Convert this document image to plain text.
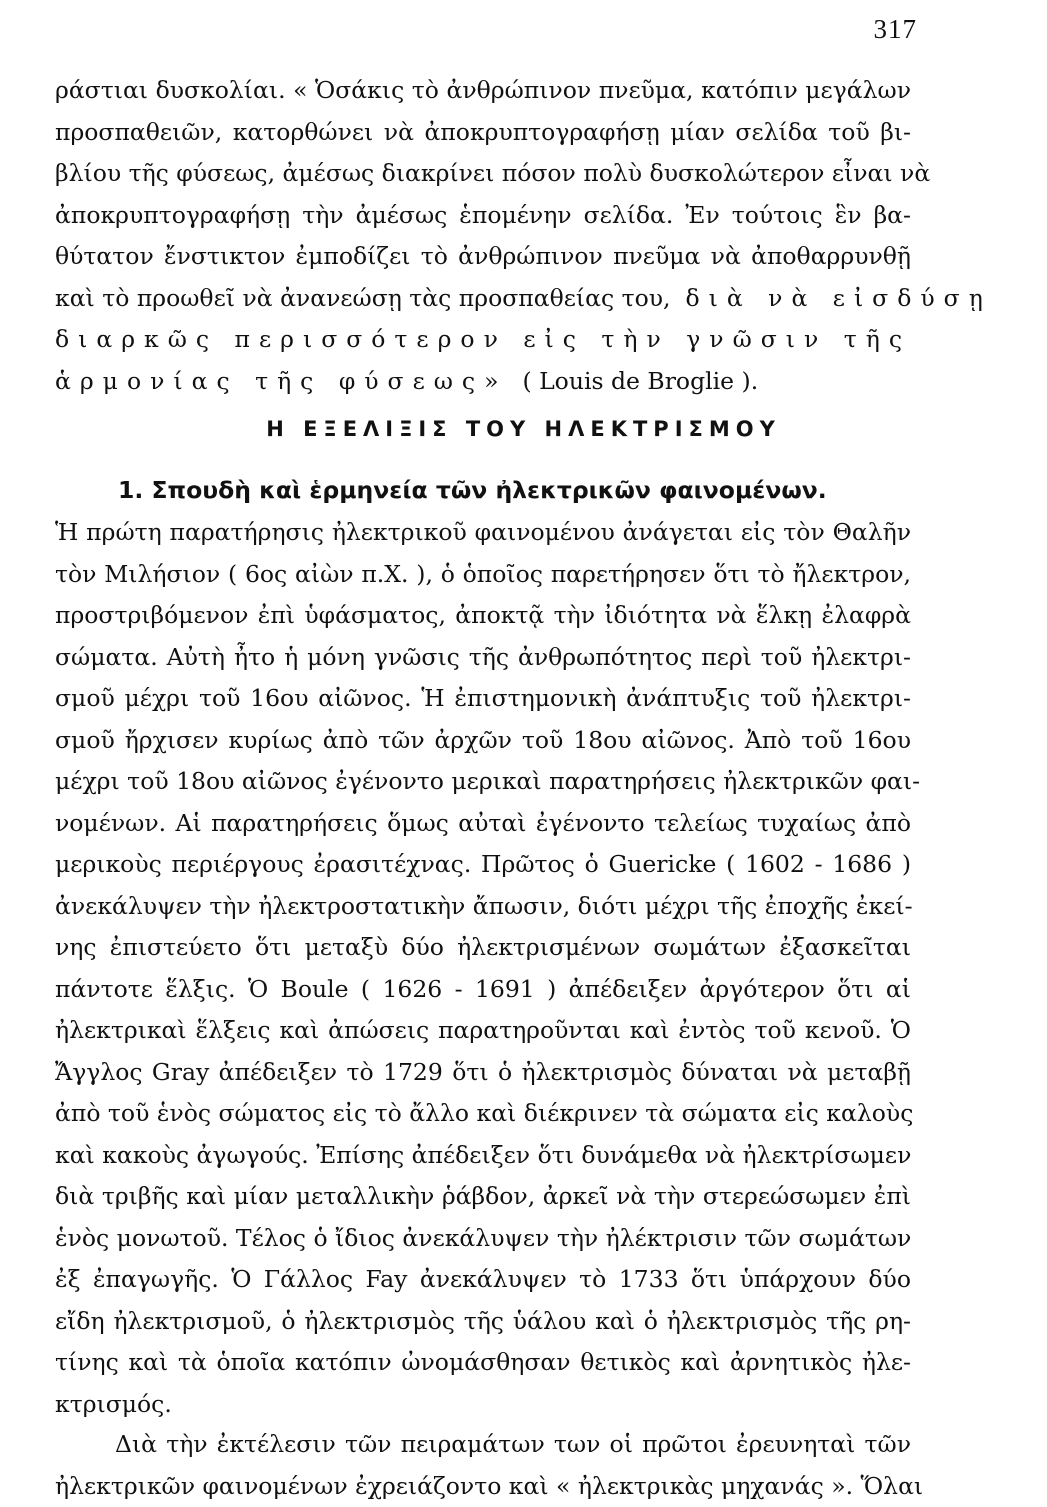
317
ράστιαι δυσκολίαι. « Ὁσάκις τὸ ἀνθρώπινον πνεῦμα, κατόπιν μεγάλων
προσπαθειῶν, κατορθώνει νὰ ἀποκρυπτογραφήσῃ μίαν σελίδα τοῦ βι-
βλίου τῆς φύσεως, ἀμέσως διακρίνει πόσον πολὺ δυσκολώτερον εἶναι νὰ
ἀποκρυπτογραφήσῃ τὴν ἀμέσως ἑπομένην σελίδα. Ἐν τούτοις ἓν βα-
θύτατον ἔνστικτον ἐμποδίζει τὸ ἀνθρώπινον πνεῦμα νὰ ἀποθαρρυνθῇ
καὶ τὸ προωθεῖ νὰ ἀνανεώσῃ τὰς προσπαθείας του, διὰ νὰ εἰσδύσῃ
διαρκῶς περισσότερον εἰς τὴν γνῶσιν τῆς
ἁρμονίας τῆς φύσεως» ( Louis de Broglie ).
Η ΕΞΕΛΙΞΙΣ ΤΟΥ ΗΛΕΚΤΡΙΣΜΟΥ
1. Σπουδὴ καὶ ἑρμηνεία τῶν ἠλεκτρικῶν φαινομένων.
Ἡ πρώτη παρατήρησις ἠλεκτρικοῦ φαινομένου ἀνάγεται εἰς τὸν Θαλῆν
τὸν Μιλήσιον ( 6ος αἰὼν π.Χ. ), ὁ ὁποῖος παρετήρησεν ὅτι τὸ ἤλεκτρον,
προστριβόμενον ἐπὶ ὑφάσματος, ἀποκτᾷ τὴν ἰδιότητα νὰ ἕλκῃ ἐλαφρὰ
σώματα. Αὐτὴ ἦτο ἡ μόνη γνῶσις τῆς ἀνθρωπότητος περὶ τοῦ ἠλεκτρι-
σμοῦ μέχρι τοῦ 16ου αἰῶνος. Ἡ ἐπιστημονικὴ ἀνάπτυξις τοῦ ἠλεκτρι-
σμοῦ ἤρχισεν κυρίως ἀπὸ τῶν ἀρχῶν τοῦ 18ου αἰῶνος. Ἀπὸ τοῦ 16ου
μέχρι τοῦ 18ου αἰῶνος ἐγένοντο μερικαὶ παρατηρήσεις ἠλεκτρικῶν φαι-
νομένων. Αἱ παρατηρήσεις ὅμως αὐταὶ ἐγένοντο τελείως τυχαίως ἀπὸ
μερικοὺς περιέργους ἐρασιτέχνας. Πρῶτος ὁ Guericke ( 1602 - 1686 )
ἀνεκάλυψεν τὴν ἠλεκτροστατικὴν ἄπωσιν, διότι μέχρι τῆς ἐποχῆς ἐκεί-
νης ἐπιστεύετο ὅτι μεταξὺ δύο ἠλεκτρισμένων σωμάτων ἐξασκεῖται
πάντοτε ἕλξις. Ὁ Boule ( 1626 - 1691 ) ἀπέδειξεν ἀργότερον ὅτι αἱ
ἠλεκτρικαὶ ἕλξεις καὶ ἀπώσεις παρατηροῦνται καὶ ἐντὸς τοῦ κενοῦ. Ὁ
Ἄγγλος Gray ἀπέδειξεν τὸ 1729 ὅτι ὁ ἠλεκτρισμὸς δύναται νὰ μεταβῇ
ἀπὸ τοῦ ἑνὸς σώματος εἰς τὸ ἄλλο καὶ διέκρινεν τὰ σώματα εἰς καλοὺς
καὶ κακοὺς ἀγωγούς. Ἐπίσης ἀπέδειξεν ὅτι δυνάμεθα νὰ ἠλεκτρίσωμεν
διὰ τριβῆς καὶ μίαν μεταλλικὴν ῥάβδον, ἀρκεῖ νὰ τὴν στερεώσωμεν ἐπὶ
ἑνὸς μονωτοῦ. Τέλος ὁ ἴδιος ἀνεκάλυψεν τὴν ἠλέκτρισιν τῶν σωμάτων
ἐξ ἐπαγωγῆς. Ὁ Γάλλος Fay ἀνεκάλυψεν τὸ 1733 ὅτι ὑπάρχουν δύο
εἴδη ἠλεκτρισμοῦ, ὁ ἠλεκτρισμὸς τῆς ὑάλου καὶ ὁ ἠλεκτρισμὸς τῆς ρη-
τίνης καὶ τὰ ὁποῖα κατόπιν ὠνομάσθησαν θετικὸς καὶ ἀρνητικὸς ἠλε-
κτρισμός.
Διὰ τὴν ἐκτέλεσιν τῶν πειραμάτων των οἱ πρῶτοι ἐρευνηταὶ τῶν
ἠλεκτρικῶν φαινομένων ἐχρειάζοντο καὶ « ἠλεκτρικὰς μηχανάς ». Ὅλαι
